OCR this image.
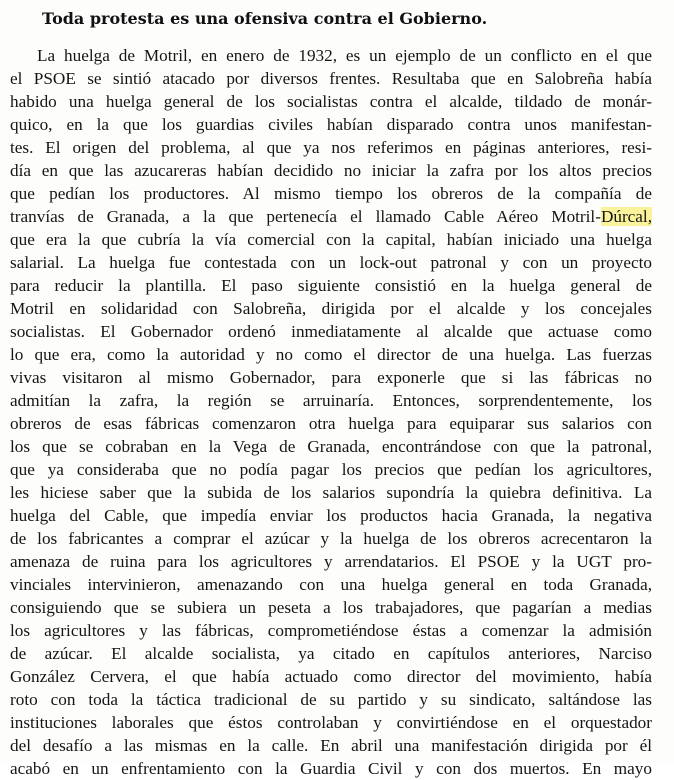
Toda protesta es una ofensiva contra el Gobierno.
La huelga de Motril, en enero de 1932, es un ejemplo de un conflicto en el que
el PSOE se sintió atacado por diversos frentes. Resultaba que en Salobreña había
habido una huelga general de los socialistas contra el alcalde, tildado de monár-
quico, en la que los guardias civiles habían disparado contra unos manifestan-
tes. El origen del problema, al que ya nos referimos en páginas anteriores, resi-
día en que las azucareras habían decidido no iniciar la zafra por los altos precios
que pedían los productores. Al mismo tiempo los obreros de la compañía de
tranvías de Granada, a la que pertenecía el llamado Cable Aéreo Motril-Dúrcal,
que era la que cubría la vía comercial con la capital, habían iniciado una huelga
salarial. La huelga fue contestada con un lock-out patronal y con un proyecto
para reducir la plantilla. El paso siguiente consistió en la huelga general de
Motril en solidaridad con Salobreña, dirigida por el alcalde y los concejales
socialistas. El Gobernador ordenó inmediatamente al alcalde que actuase como
lo que era, como la autoridad y no como el director de una huelga. Las fuerzas
vivas visitaron al mismo Gobernador, para exponerle que si las fábricas no
admitían la zafra, la región se arruinaría. Entonces, sorprendentemente, los
obreros de esas fábricas comenzaron otra huelga para equiparar sus salarios con
los que se cobraban en la Vega de Granada, encontrándose con que la patronal,
que ya consideraba que no podía pagar los precios que pedían los agricultores,
les hiciese saber que la subida de los salarios supondría la quiebra definitiva. La
huelga del Cable, que impedía enviar los productos hacia Granada, la negativa
de los fabricantes a comprar el azúcar y la huelga de los obreros acrecentaron la
amenaza de ruina para los agricultores y arrendatarios. El PSOE y la UGT pro-
vinciales intervinieron, amenazando con una huelga general en toda Granada,
consiguiendo que se subiera un peseta a los trabajadores, que pagarían a medias
los agricultores y las fábricas, comprometiéndose éstas a comenzar la admisión
de azúcar. El alcalde socialista, ya citado en capítulos anteriores, Narciso
González Cervera, el que había actuado como director del movimiento, había
roto con toda la táctica tradicional de su partido y su sindicato, saltándose las
instituciones laborales que éstos controlaban y convirtiéndose en el orquestador
del desafío a las mismas en la calle. En abril una manifestación dirigida por él
acabó en un enfrentamiento con la Guardia Civil y con dos muertos. En mayo
